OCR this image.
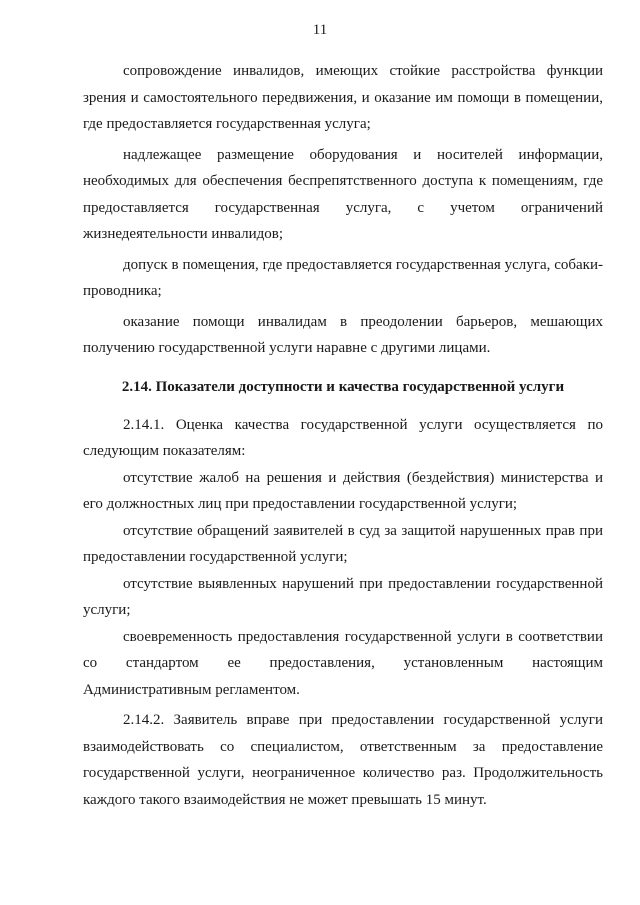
11

сопровождение инвалидов, имеющих стойкие расстройства функции зрения и самостоятельного передвижения, и оказание им помощи в помещении, где предоставляется государственная услуга;

надлежащее размещение оборудования и носителей информации, необходимых для обеспечения беспрепятственного доступа к помещениям, где предоставляется государственная услуга, с учетом ограничений жизнедеятельности инвалидов;

допуск в помещения, где предоставляется государственная услуга, собаки-проводника;

оказание помощи инвалидам в преодолении барьеров, мешающих получению государственной услуги наравне с другими лицами.

2.14. Показатели доступности и качества государственной услуги

2.14.1. Оценка качества государственной услуги осуществляется по следующим показателям:

отсутствие жалоб на решения и действия (бездействия) министерства и его должностных лиц при предоставлении государственной услуги;

отсутствие обращений заявителей в суд за защитой нарушенных прав при предоставлении государственной услуги;

отсутствие выявленных нарушений при предоставлении государственной услуги;

своевременность предоставления государственной услуги в соответствии со стандартом ее предоставления, установленным настоящим Административным регламентом.

2.14.2. Заявитель вправе при предоставлении государственной услуги взаимодействовать со специалистом, ответственным за предоставление государственной услуги, неограниченное количество раз. Продолжительность каждого такого взаимодействия не может превышать 15 минут.
